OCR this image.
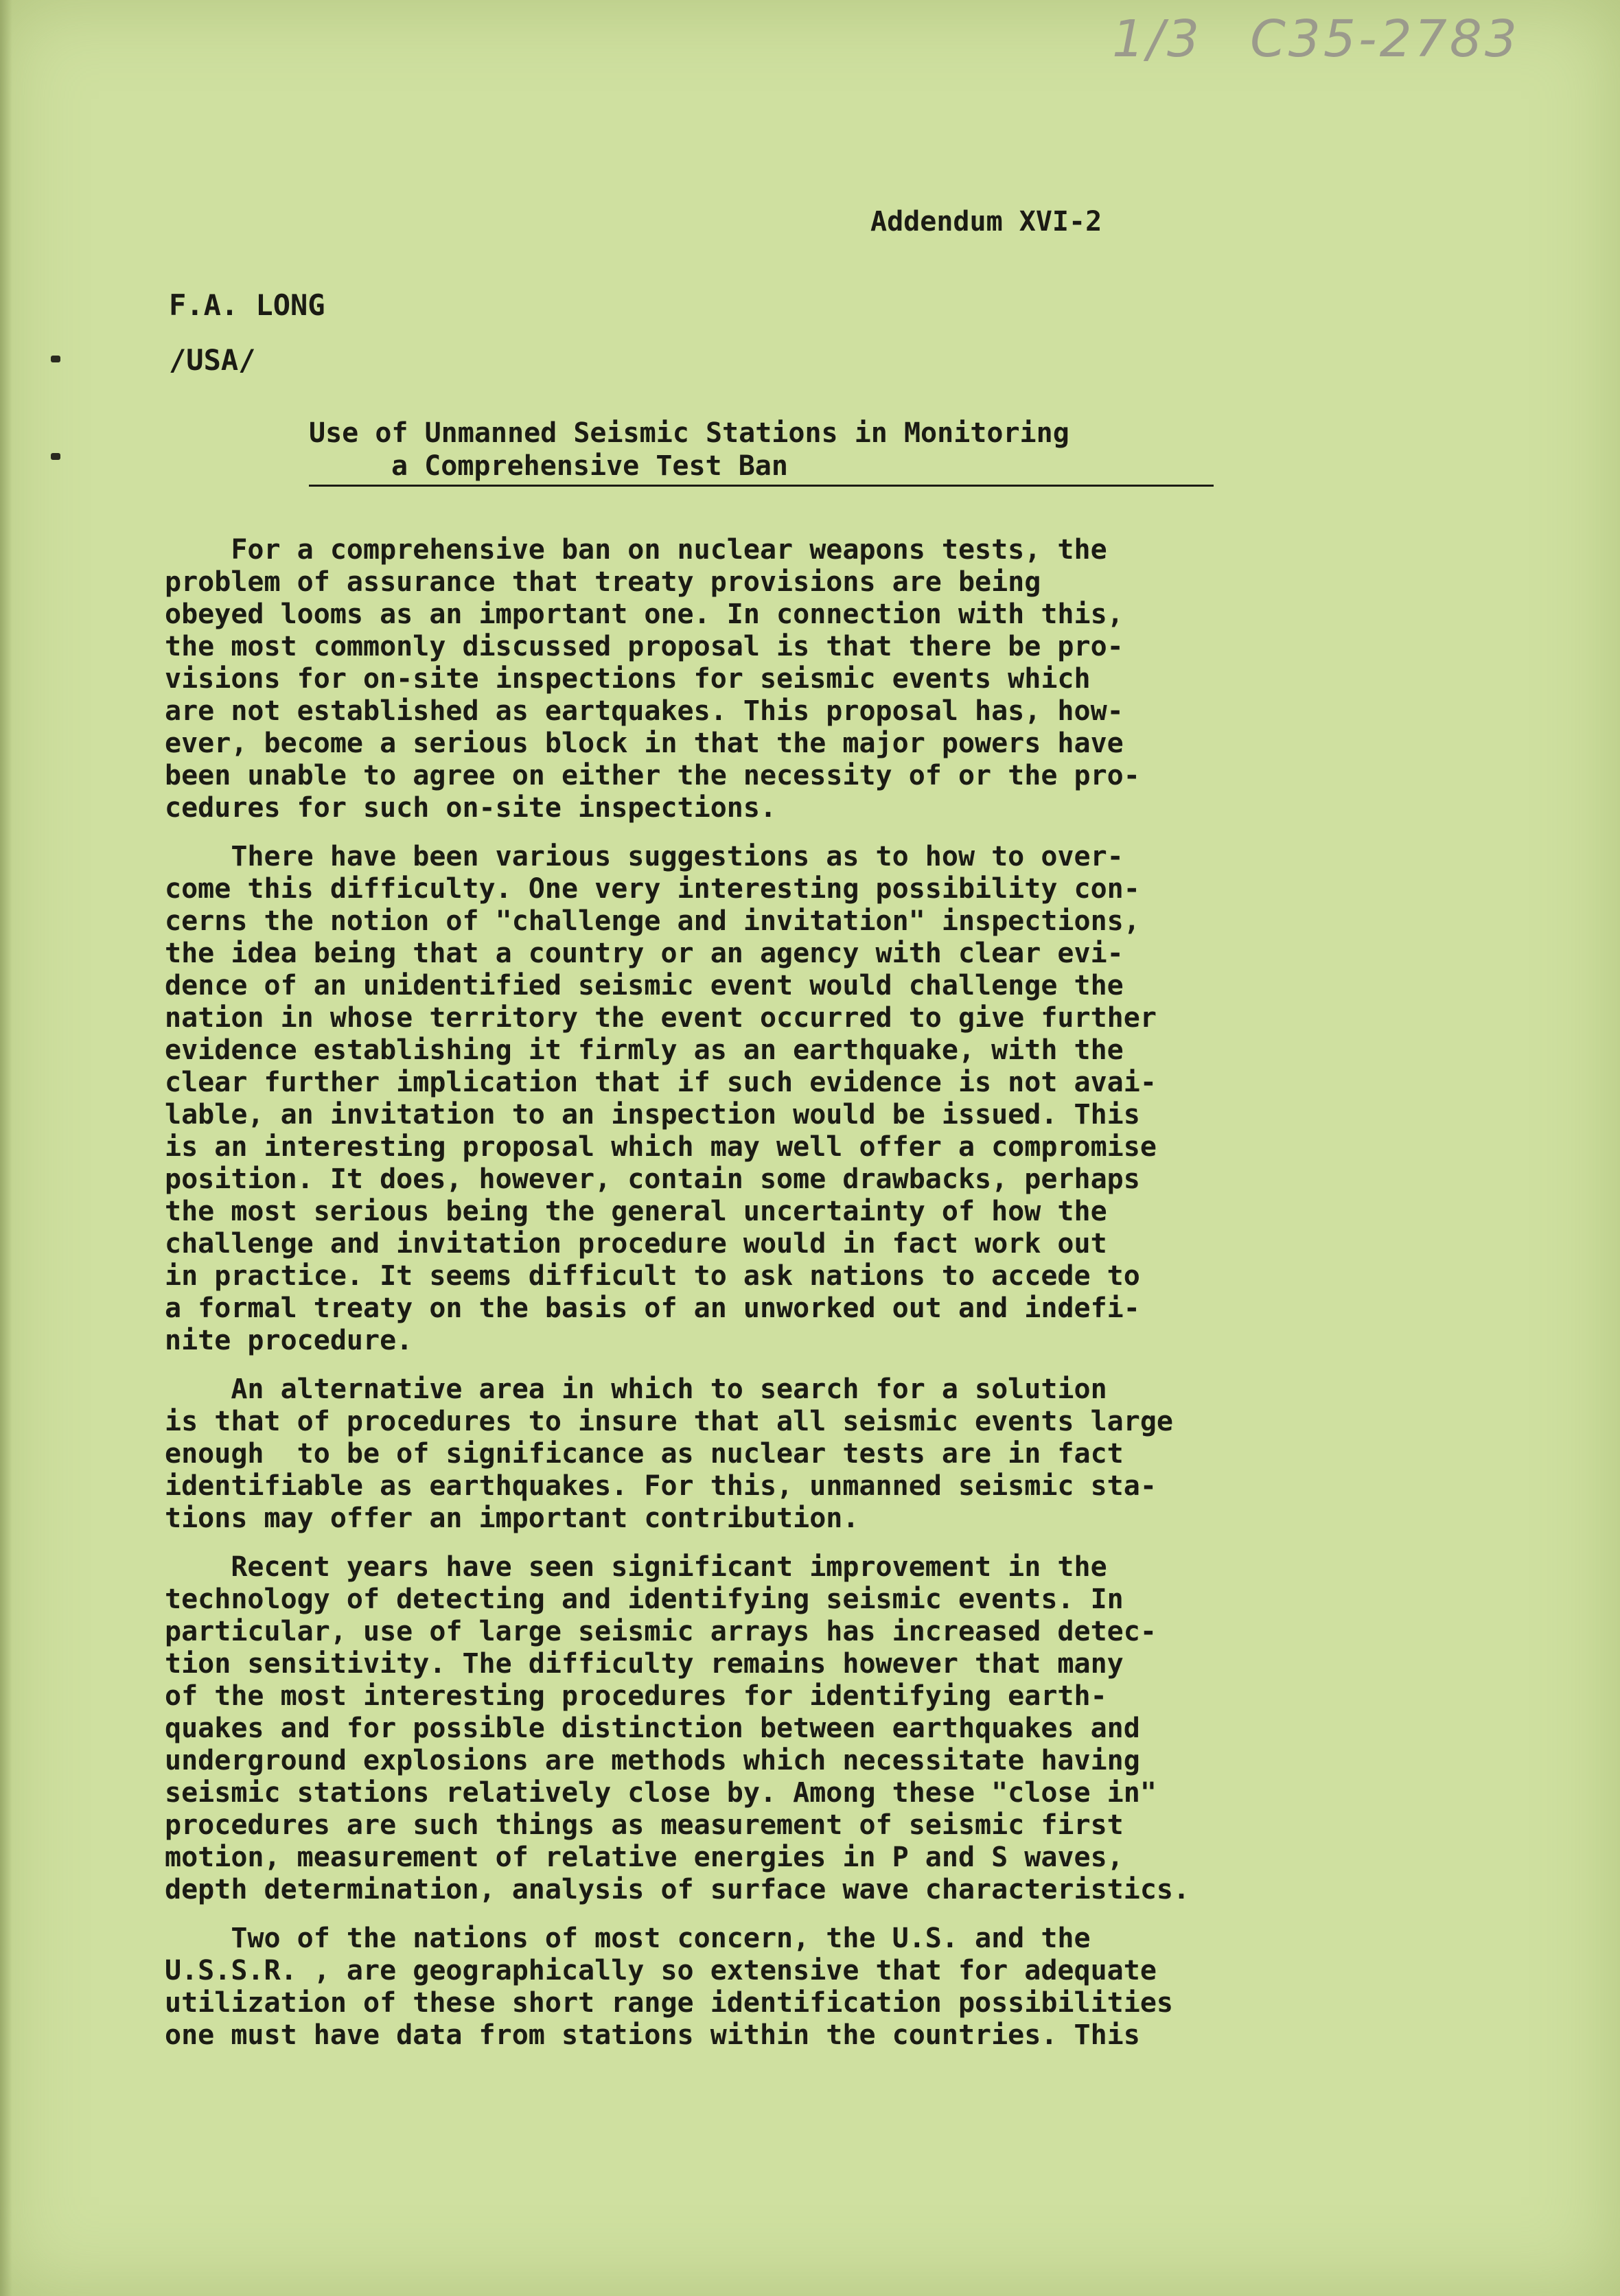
1/3 C35-2783
Addendum XVI-2
F.A. LONG
/USA/
Use of Unmanned Seismic Stations in Monitoring
a Comprehensive Test Ban
For a comprehensive ban on nuclear weapons tests, the
problem of assurance that treaty provisions are being
obeyed looms as an important one. In connection with this,
the most commonly discussed proposal is that there be pro-
visions for on-site inspections for seismic events which
are not established as eartquakes. This proposal has, how-
ever, become a serious block in that the major powers have
been unable to agree on either the necessity of or the pro-
cedures for such on-site inspections.
There have been various suggestions as to how to over-
come this difficulty. One very interesting possibility con-
cerns the notion of "challenge and invitation" inspections,
the idea being that a country or an agency with clear evi-
dence of an unidentified seismic event would challenge the
nation in whose territory the event occurred to give further
evidence establishing it firmly as an earthquake, with the
clear further implication that if such evidence is not avai-
lable, an invitation to an inspection would be issued. This
is an interesting proposal which may well offer a compromise
position. It does, however, contain some drawbacks, perhaps
the most serious being the general uncertainty of how the
challenge and invitation procedure would in fact work out
in practice. It seems difficult to ask nations to accede to
a formal treaty on the basis of an unworked out and indefi-
nite procedure.
An alternative area in which to search for a solution
is that of procedures to insure that all seismic events large
enough  to be of significance as nuclear tests are in fact
identifiable as earthquakes. For this, unmanned seismic sta-
tions may offer an important contribution.
Recent years have seen significant improvement in the
technology of detecting and identifying seismic events. In
particular, use of large seismic arrays has increased detec-
tion sensitivity. The difficulty remains however that many
of the most interesting procedures for identifying earth-
quakes and for possible distinction between earthquakes and
underground explosions are methods which necessitate having
seismic stations relatively close by. Among these "close in"
procedures are such things as measurement of seismic first
motion, measurement of relative energies in P and S waves,
depth determination, analysis of surface wave characteristics.
Two of the nations of most concern, the U.S. and the
U.S.S.R. , are geographically so extensive that for adequate
utilization of these short range identification possibilities
one must have data from stations within the countries. This
